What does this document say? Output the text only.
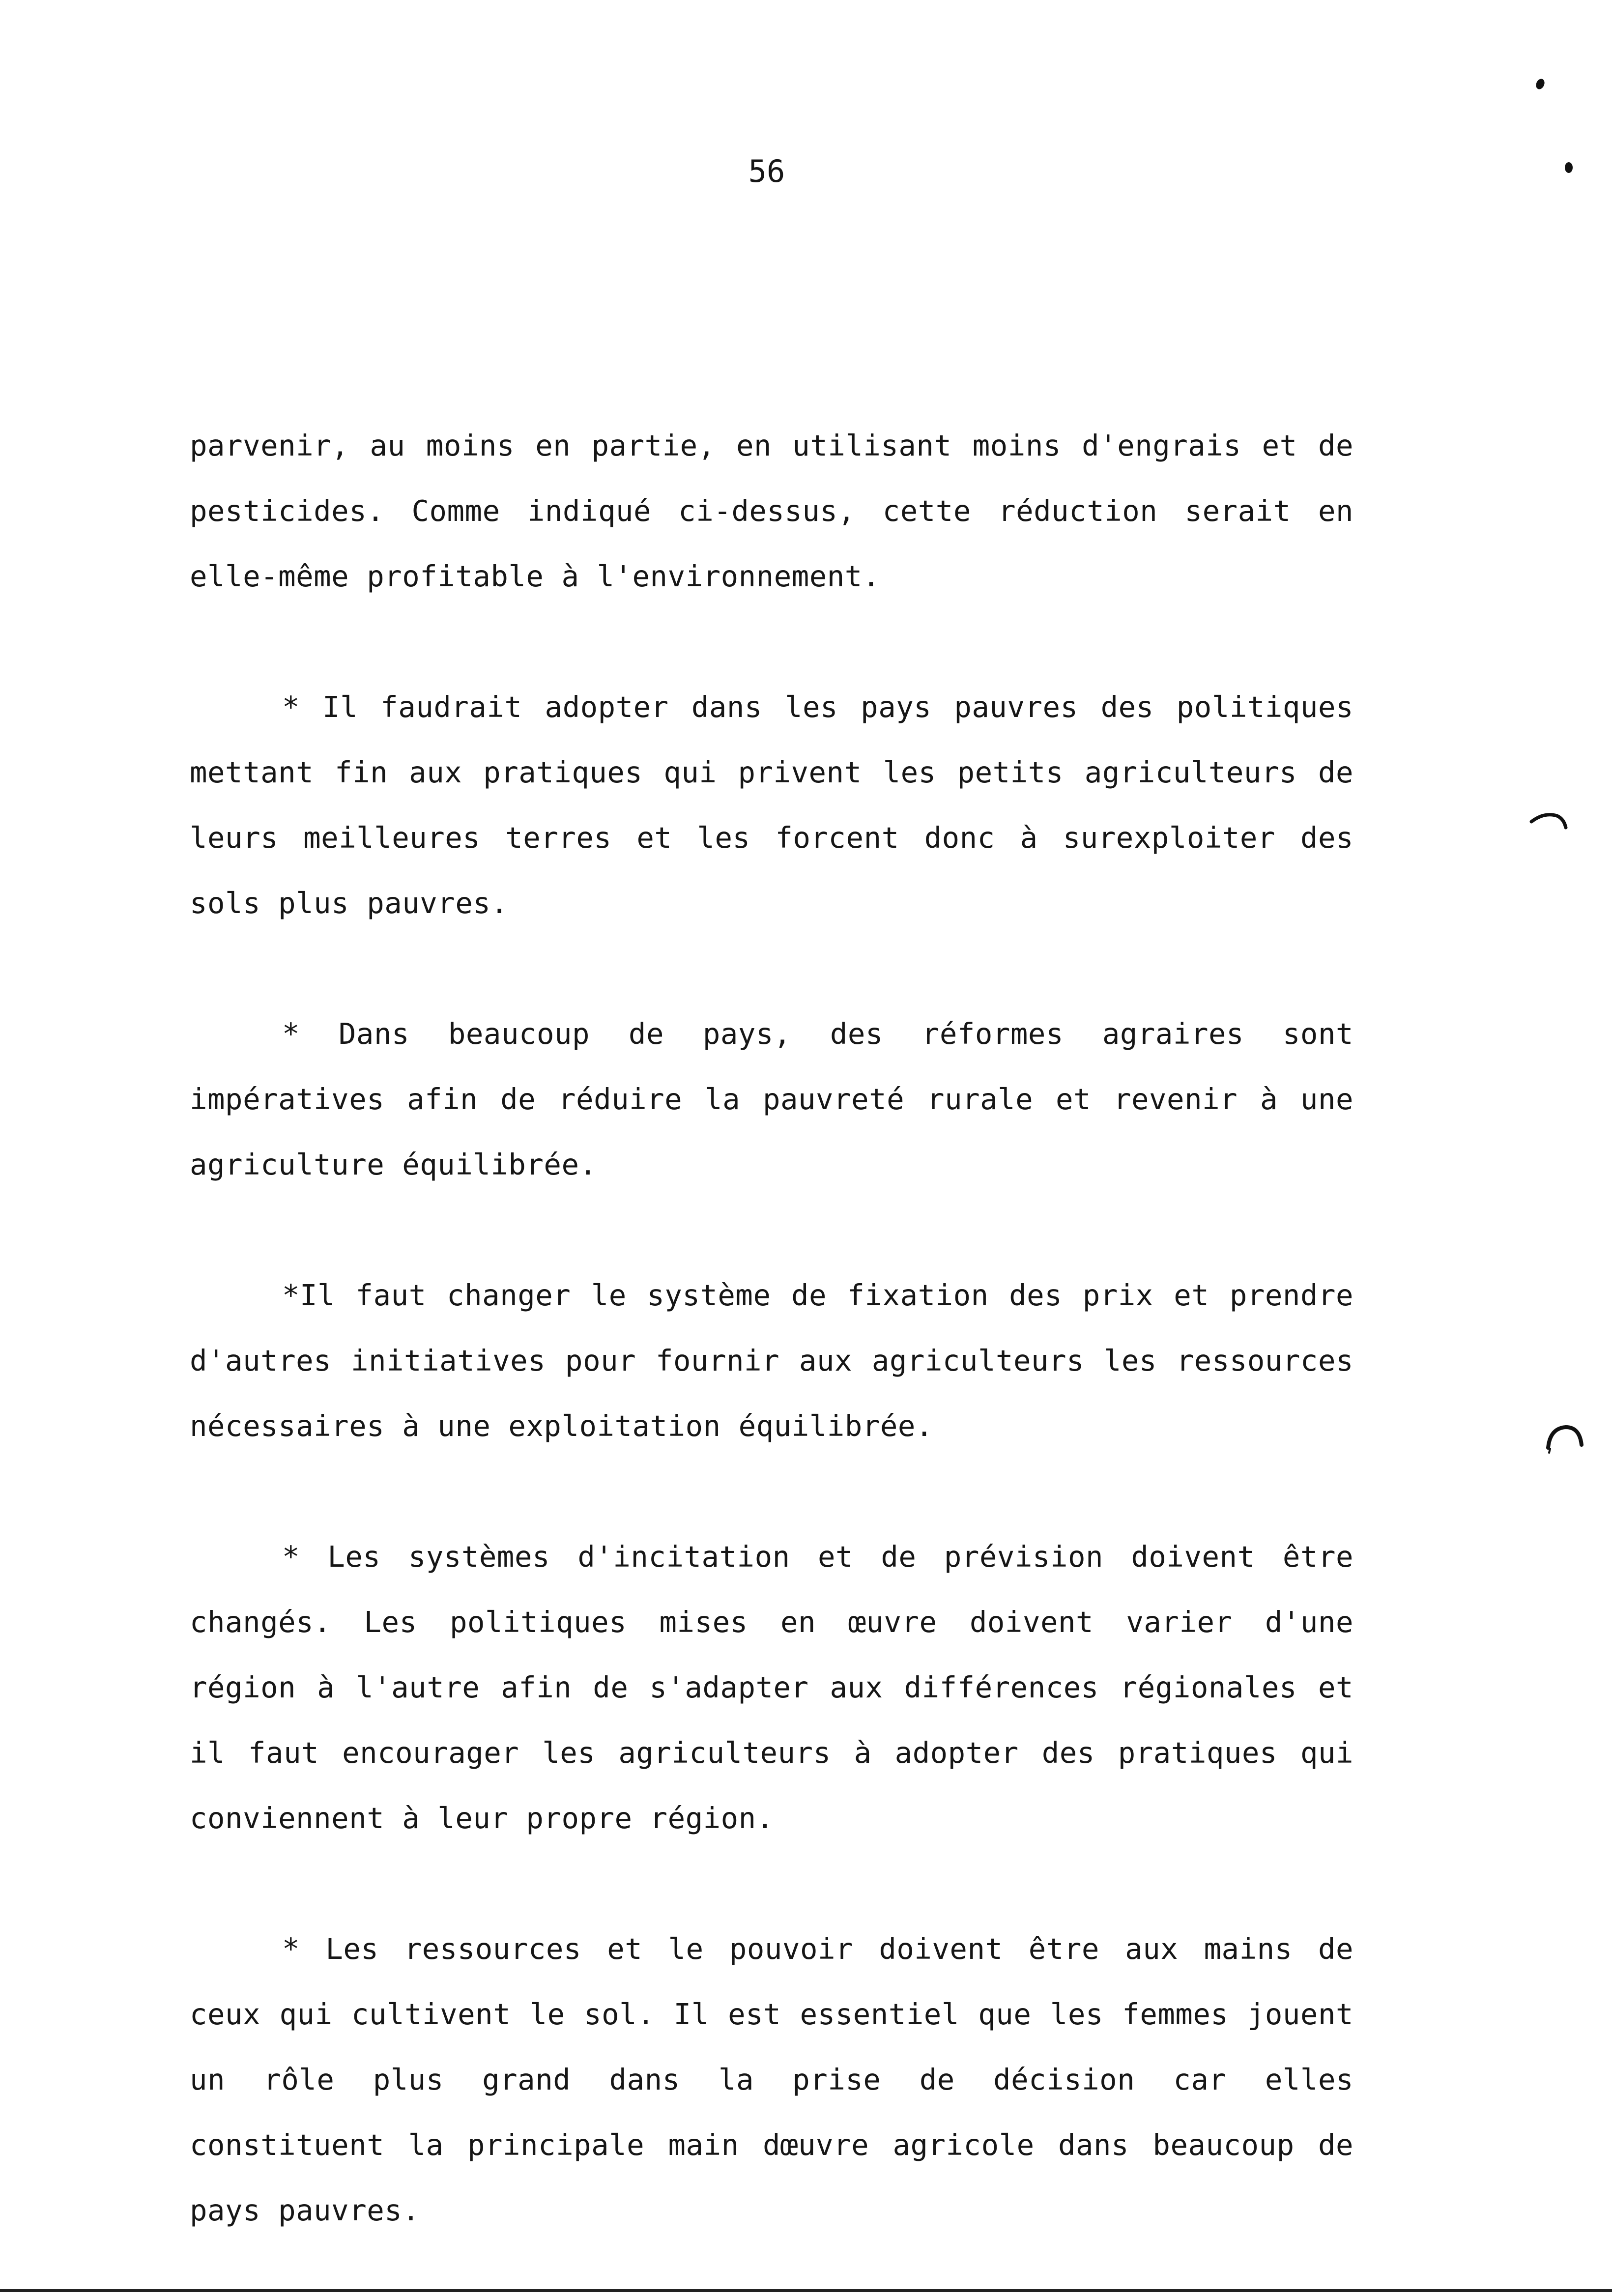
56

parvenir, au moins en partie, en utilisant moins d'engrais et de pesticides. Comme indiqué ci-dessus, cette réduction serait en elle-même profitable à l'environnement.

* Il faudrait adopter dans les pays pauvres des politiques mettant fin aux pratiques qui privent les petits agriculteurs de leurs meilleures terres et les forcent donc à surexploiter des sols plus pauvres.

* Dans beaucoup de pays, des réformes agraires sont impératives afin de réduire la pauvreté rurale et revenir à une agriculture équilibrée.

*Il faut changer le système de fixation des prix et prendre d'autres initiatives pour fournir aux agriculteurs les ressources nécessaires à une exploitation équilibrée.

* Les systèmes d'incitation et de prévision doivent être changés. Les politiques mises en œuvre doivent varier d'une région à l'autre afin de s'adapter aux différences régionales et il faut encourager les agriculteurs à adopter des pratiques qui conviennent à leur propre région.

* Les ressources et le pouvoir doivent être aux mains de ceux qui cultivent le sol. Il est essentiel que les femmes jouent un rôle plus grand dans la prise de décision car elles constituent la principale main dœuvre agricole dans beaucoup de pays pauvres.
